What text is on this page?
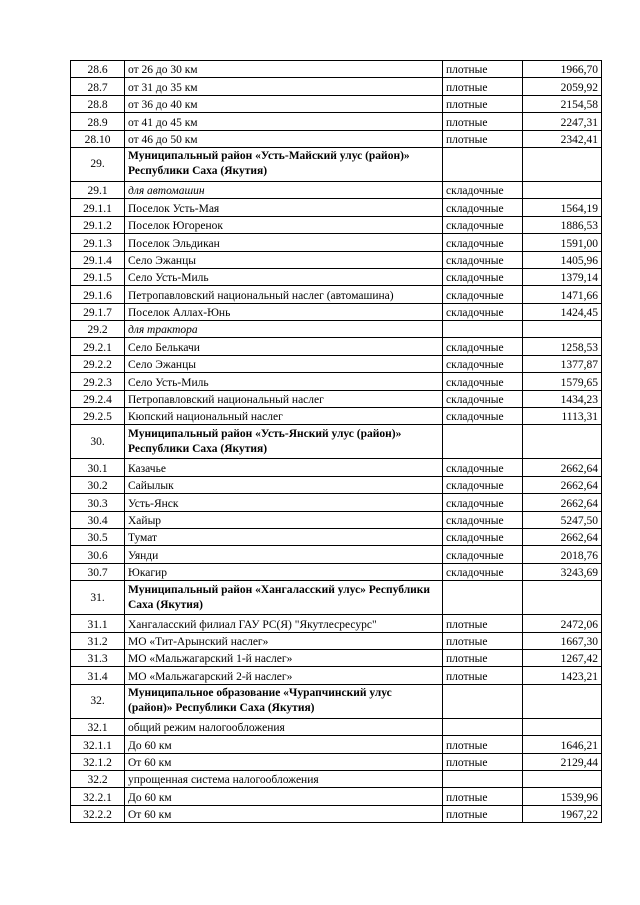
28.6	от 26 до 30 км	плотные	1966,70
28.7	от 31 до 35 км	плотные	2059,92
28.8	от 36 до 40 км	плотные	2154,58
28.9	от 41 до 45 км	плотные	2247,31
28.10	от 46 до 50 км	плотные	2342,41
29.	Муниципальный район «Усть-Майский улус (район)» Республики Саха (Якутия)		
29.1	для автомашин	складочные	
29.1.1	Поселок Усть-Мая	складочные	1564,19
29.1.2	Поселок Югоренок	складочные	1886,53
29.1.3	Поселок Эльдикан	складочные	1591,00
29.1.4	Село Эжанцы	складочные	1405,96
29.1.5	Село Усть-Миль	складочные	1379,14
29.1.6	Петропавловский национальный наслег (автомашина)	складочные	1471,66
29.1.7	Поселок Аллах-Юнь	складочные	1424,45
29.2	для трактора		
29.2.1	Село Белькачи	складочные	1258,53
29.2.2	Село Эжанцы	складочные	1377,87
29.2.3	Село Усть-Миль	складочные	1579,65
29.2.4	Петропавловский национальный наслег	складочные	1434,23
29.2.5	Кюпский национальный наслег	складочные	1113,31
30.	Муниципальный район «Усть-Янский улус (район)» Республики Саха (Якутия)		
30.1	Казачье	складочные	2662,64
30.2	Сайылык	складочные	2662,64
30.3	Усть-Янск	складочные	2662,64
30.4	Хайыр	складочные	5247,50
30.5	Тумат	складочные	2662,64
30.6	Уянди	складочные	2018,76
30.7	Юкагир	складочные	3243,69
31.	Муниципальный район «Хангаласский улус» Республики Саха (Якутия)		
31.1	Хангаласский филиал ГАУ РС(Я) "Якутлесресурс"	плотные	2472,06
31.2	МО «Тит-Арынский наслег»	плотные	1667,30
31.3	МО «Мальжагарский 1-й наслег»	плотные	1267,42
31.4	МО «Мальжагарский 2-й наслег»	плотные	1423,21
32.	Муниципальное образование «Чурапчинский улус (район)» Республики Саха (Якутия)		
32.1	общий режим налогообложения		
32.1.1	До 60 км	плотные	1646,21
32.1.2	От 60 км	плотные	2129,44
32.2	упрощенная система налогообложения		
32.2.1	До 60 км	плотные	1539,96
32.2.2	От 60 км	плотные	1967,22
